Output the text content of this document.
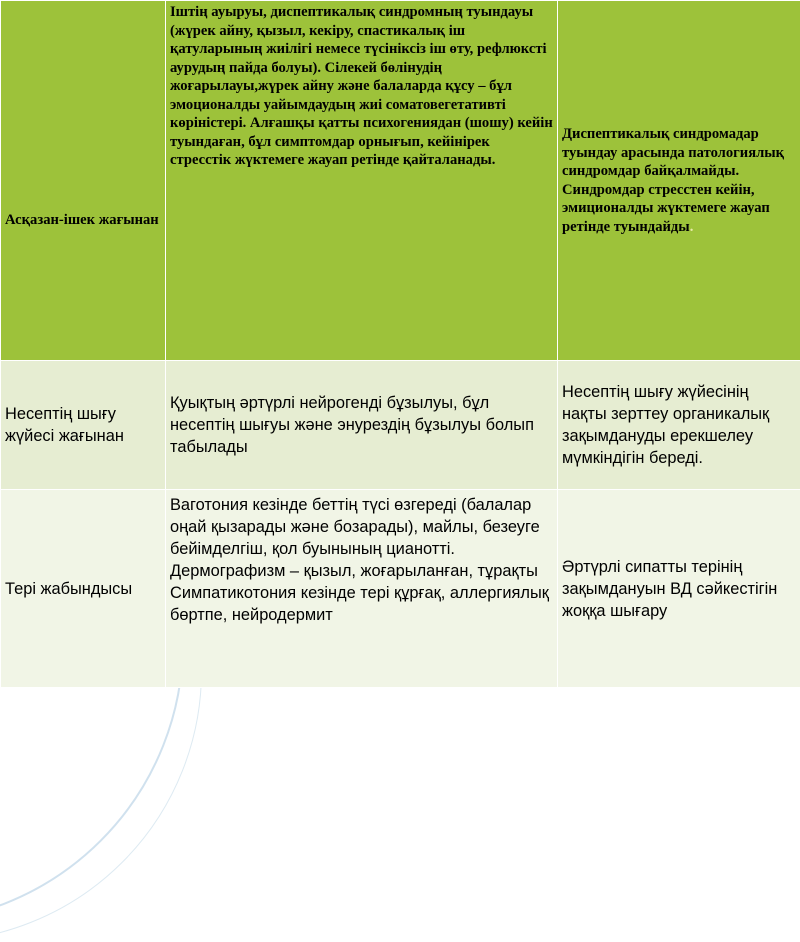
Асқазан-ішек жағынан	Іштің ауыруы, диспептикалық синдромның туындауы (жүрек айну, қызыл, кекіру, спастикалық іш қатуларының жиілігі немесе түсініксіз іш өту, рефлюксті аурудың пайда болуы). Сілекей бөлінудің жоғарылауы,жүрек айну және балаларда құсу – бұл эмоционалды уайымдаудың жиі соматовегетативті көріністері. Алғашқы қатты психогениядан (шошу) кейін туындаған, бұл симптомдар орнығып, кейінірек стресстік жүктемеге жауап ретінде қайталанады.	Диспептикалық синдромадар туындау арасында патологиялық синдромдар байқалмайды. Синдромдар стресстен кейін, эмиционалды жүктемеге жауап ретінде туындайды.
Несептің шығу жүйесі жағынан	Қуықтың әртүрлі нейрогенді бұзылуы, бұл несептің шығуы және энурездің бұзылуы болып табылады	Несептің шығу жүйесінің нақты зерттеу органикалық зақымдануды ерекшелеу мүмкіндігін береді.
Тері жабындысы	Ваготония кезінде беттің түсі өзгереді (балалар оңай қызарады және бозарады), майлы, безеуге бейімделгіш, қол буынының цианотті. Дермографизм – қызыл, жоғарыланған, тұрақты Симпатикотония кезінде тері құрғақ, аллергиялық бөртпе, нейродермит	Әртүрлі сипатты терінің зақымдануын ВД сәйкестігін жоққа шығару
